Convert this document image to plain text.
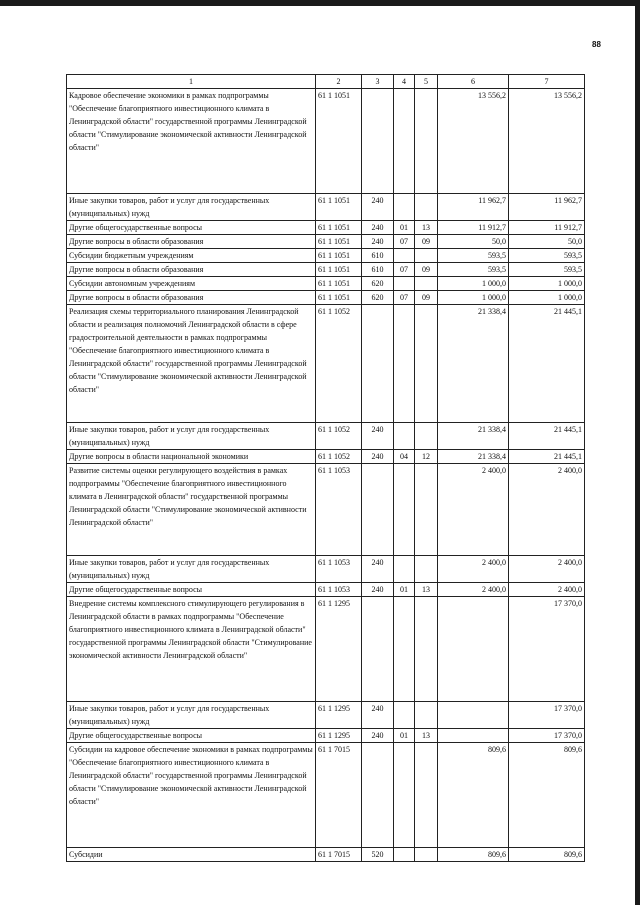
88
1	2	3	4	5	6	7
Кадровое обеспечение экономики в рамках подпрограммы "Обеспечение благоприятного инвестиционного климата в Ленинградской области" государственной программы Ленинградской области "Стимулирование экономической активности Ленинградской области"	61 1 1051				13 556,2	13 556,2
Иные закупки товаров, работ и услуг для государственных (муниципальных) нужд	61 1 1051	240			11 962,7	11 962,7
Другие общегосударственные вопросы	61 1 1051	240	01	13	11 912,7	11 912,7
Другие вопросы в области образования	61 1 1051	240	07	09	50,0	50,0
Субсидии бюджетным учреждениям	61 1 1051	610			593,5	593,5
Другие вопросы в области образования	61 1 1051	610	07	09	593,5	593,5
Субсидии автономным учреждениям	61 1 1051	620			1 000,0	1 000,0
Другие вопросы в области образования	61 1 1051	620	07	09	1 000,0	1 000,0
Реализация схемы территориального планирования Ленинградской области и реализация полномочий Ленинградской области в сфере градостроительной деятельности в рамках подпрограммы "Обеспечение благоприятного инвестиционного климата в Ленинградской области" государственной программы Ленинградской области "Стимулирование экономической активности Ленинградской области"	61 1 1052				21 338,4	21 445,1
Иные закупки товаров, работ и услуг для государственных (муниципальных) нужд	61 1 1052	240			21 338,4	21 445,1
Другие вопросы в области национальной экономики	61 1 1052	240	04	12	21 338,4	21 445,1
Развитие системы оценки регулирующего воздействия в рамках подпрограммы "Обеспечение благоприятного инвестиционного климата в Ленинградской области" государственной программы Ленинградской области "Стимулирование экономической активности Ленинградской области"	61 1 1053				2 400,0	2 400,0
Иные закупки товаров, работ и услуг для государственных (муниципальных) нужд	61 1 1053	240			2 400,0	2 400,0
Другие общегосударственные вопросы	61 1 1053	240	01	13	2 400,0	2 400,0
Внедрение системы комплексного стимулирующего регулирования в Ленинградской области в рамках подпрограммы "Обеспечение благоприятного инвестиционного климата в Ленинградской области" государственной программы Ленинградской области "Стимулирование экономической активности Ленинградской области"	61 1 1295					17 370,0
Иные закупки товаров, работ и услуг для государственных (муниципальных) нужд	61 1 1295	240				17 370,0
Другие общегосударственные вопросы	61 1 1295	240	01	13		17 370,0
Субсидии на кадровое обеспечение экономики в рамках подпрограммы "Обеспечение благоприятного инвестиционного климата в Ленинградской области" государственной программы Ленинградской области "Стимулирование экономической активности Ленинградской области"	61 1 7015				809,6	809,6
Субсидии	61 1 7015	520			809,6	809,6
